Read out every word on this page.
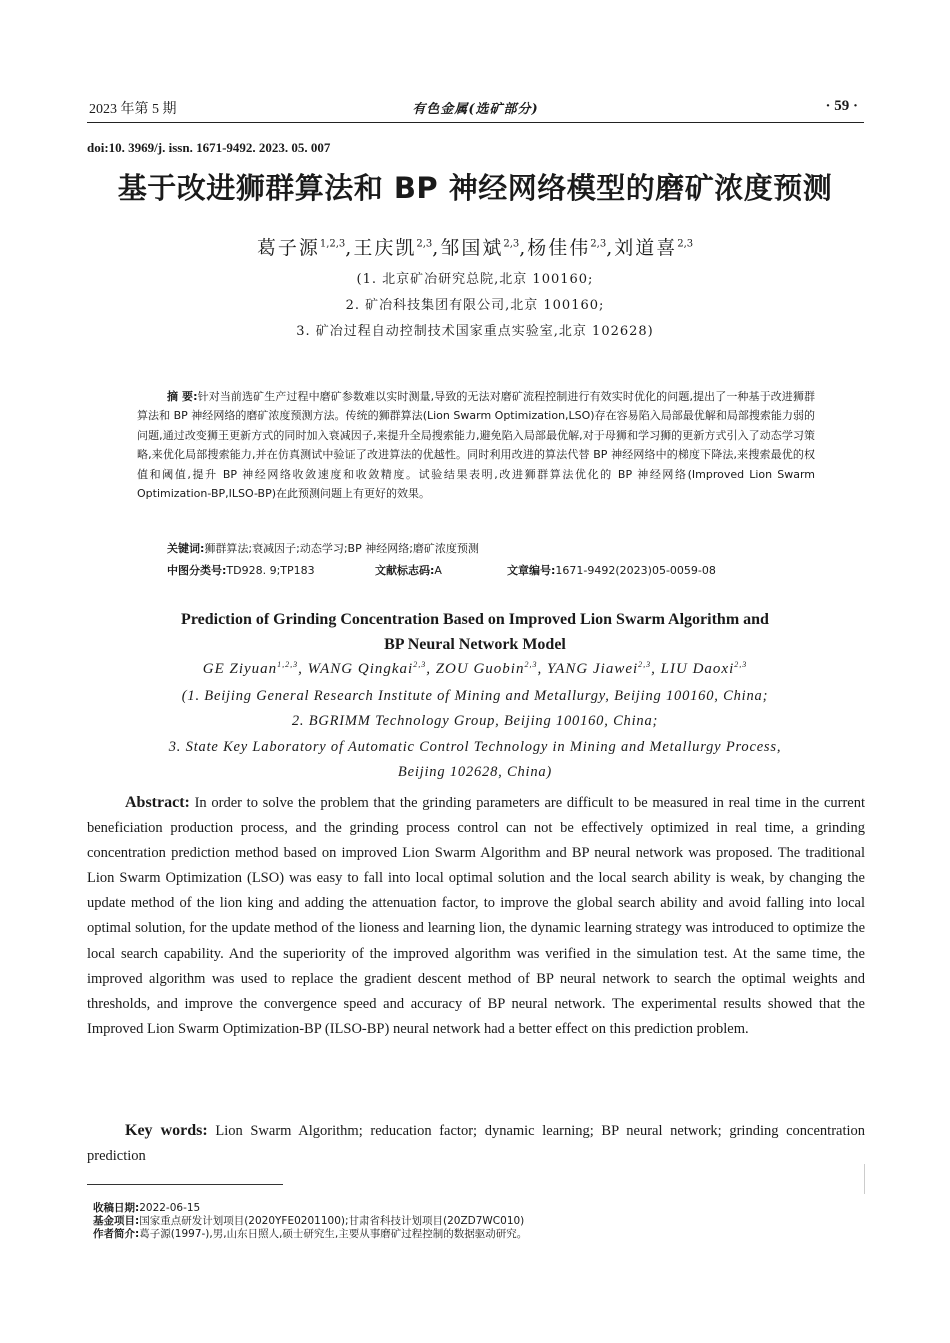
2023 年第 5 期	有色金属(选矿部分)	· 59 ·
doi:10. 3969/j. issn. 1671-9492. 2023. 05. 007
基于改进狮群算法和 BP 神经网络模型的磨矿浓度预测
葛子源$^{1,2,3}$,王庆凯$^{2,3}$,邹国斌$^{2,3}$,杨佳伟$^{2,3}$,刘道喜$^{2,3}$
(1. 北京矿冶研究总院,北京 100160;
2. 矿冶科技集团有限公司,北京 100160;
3. 矿冶过程自动控制技术国家重点实验室,北京 102628)
摘 要:针对当前选矿生产过程中磨矿参数难以实时测量,导致的无法对磨矿流程控制进行有效实时优化的问题,提出了一种基于改进狮群算法和 BP 神经网络的磨矿浓度预测方法。传统的狮群算法(Lion Swarm Optimization,LSO)存在容易陷入局部最优解和局部搜索能力弱的问题,通过改变狮王更新方式的同时加入衰减因子,来提升全局搜索能力,避免陷入局部最优解,对于母狮和学习狮的更新方式引入了动态学习策略,来优化局部搜索能力,并在仿真测试中验证了改进算法的优越性。同时利用改进的算法代替 BP 神经网络中的梯度下降法,来搜索最优的权值和阈值,提升 BP 神经网络收敛速度和收敛精度。试验结果表明,改进狮群算法优化的 BP 神经网络(Improved Lion Swarm Optimization-BP,ILSO-BP)在此预测问题上有更好的效果。
关键词:狮群算法;衰减因子;动态学习;BP 神经网络;磨矿浓度预测
中图分类号:TD928. 9;TP183	文献标志码:A	文章编号:1671-9492(2023)05-0059-08
Prediction of Grinding Concentration Based on Improved Lion Swarm Algorithm and
BP Neural Network Model
GE Ziyuan$^{1,2,3}$, WANG Qingkai$^{2,3}$, ZOU Guobin$^{2,3}$, YANG Jiawei$^{2,3}$, LIU Daoxi$^{2,3}$
(1. Beijing General Research Institute of Mining and Metallurgy, Beijing 100160, China;
2. BGRIMM Technology Group, Beijing 100160, China;
3. State Key Laboratory of Automatic Control Technology in Mining and Metallurgy Process,
Beijing 102628, China)
Abstract: In order to solve the problem that the grinding parameters are difficult to be measured in real time in the current beneficiation production process, and the grinding process control can not be effectively optimized in real time, a grinding concentration prediction method based on improved Lion Swarm Algorithm and BP neural network was proposed. The traditional Lion Swarm Optimization (LSO) was easy to fall into local optimal solution and the local search ability is weak, by changing the update method of the lion king and adding the attenuation factor, to improve the global search ability and avoid falling into local optimal solution, for the update method of the lioness and learning lion, the dynamic learning strategy was introduced to optimize the local search capability. And the superiority of the improved algorithm was verified in the simulation test. At the same time, the improved algorithm was used to replace the gradient descent method of BP neural network to search the optimal weights and thresholds, and improve the convergence speed and accuracy of BP neural network. The experimental results showed that the Improved Lion Swarm Optimization-BP (ILSO-BP) neural network had a better effect on this prediction problem.
Key words: Lion Swarm Algorithm; reducation factor; dynamic learning; BP neural network; grinding concentration prediction
收稿日期:2022-06-15
基金项目:国家重点研发计划项目(2020YFE0201100);甘肃省科技计划项目(20ZD7WC010)
作者简介:葛子源(1997-),男,山东日照人,硕士研究生,主要从事磨矿过程控制的数据驱动研究。
